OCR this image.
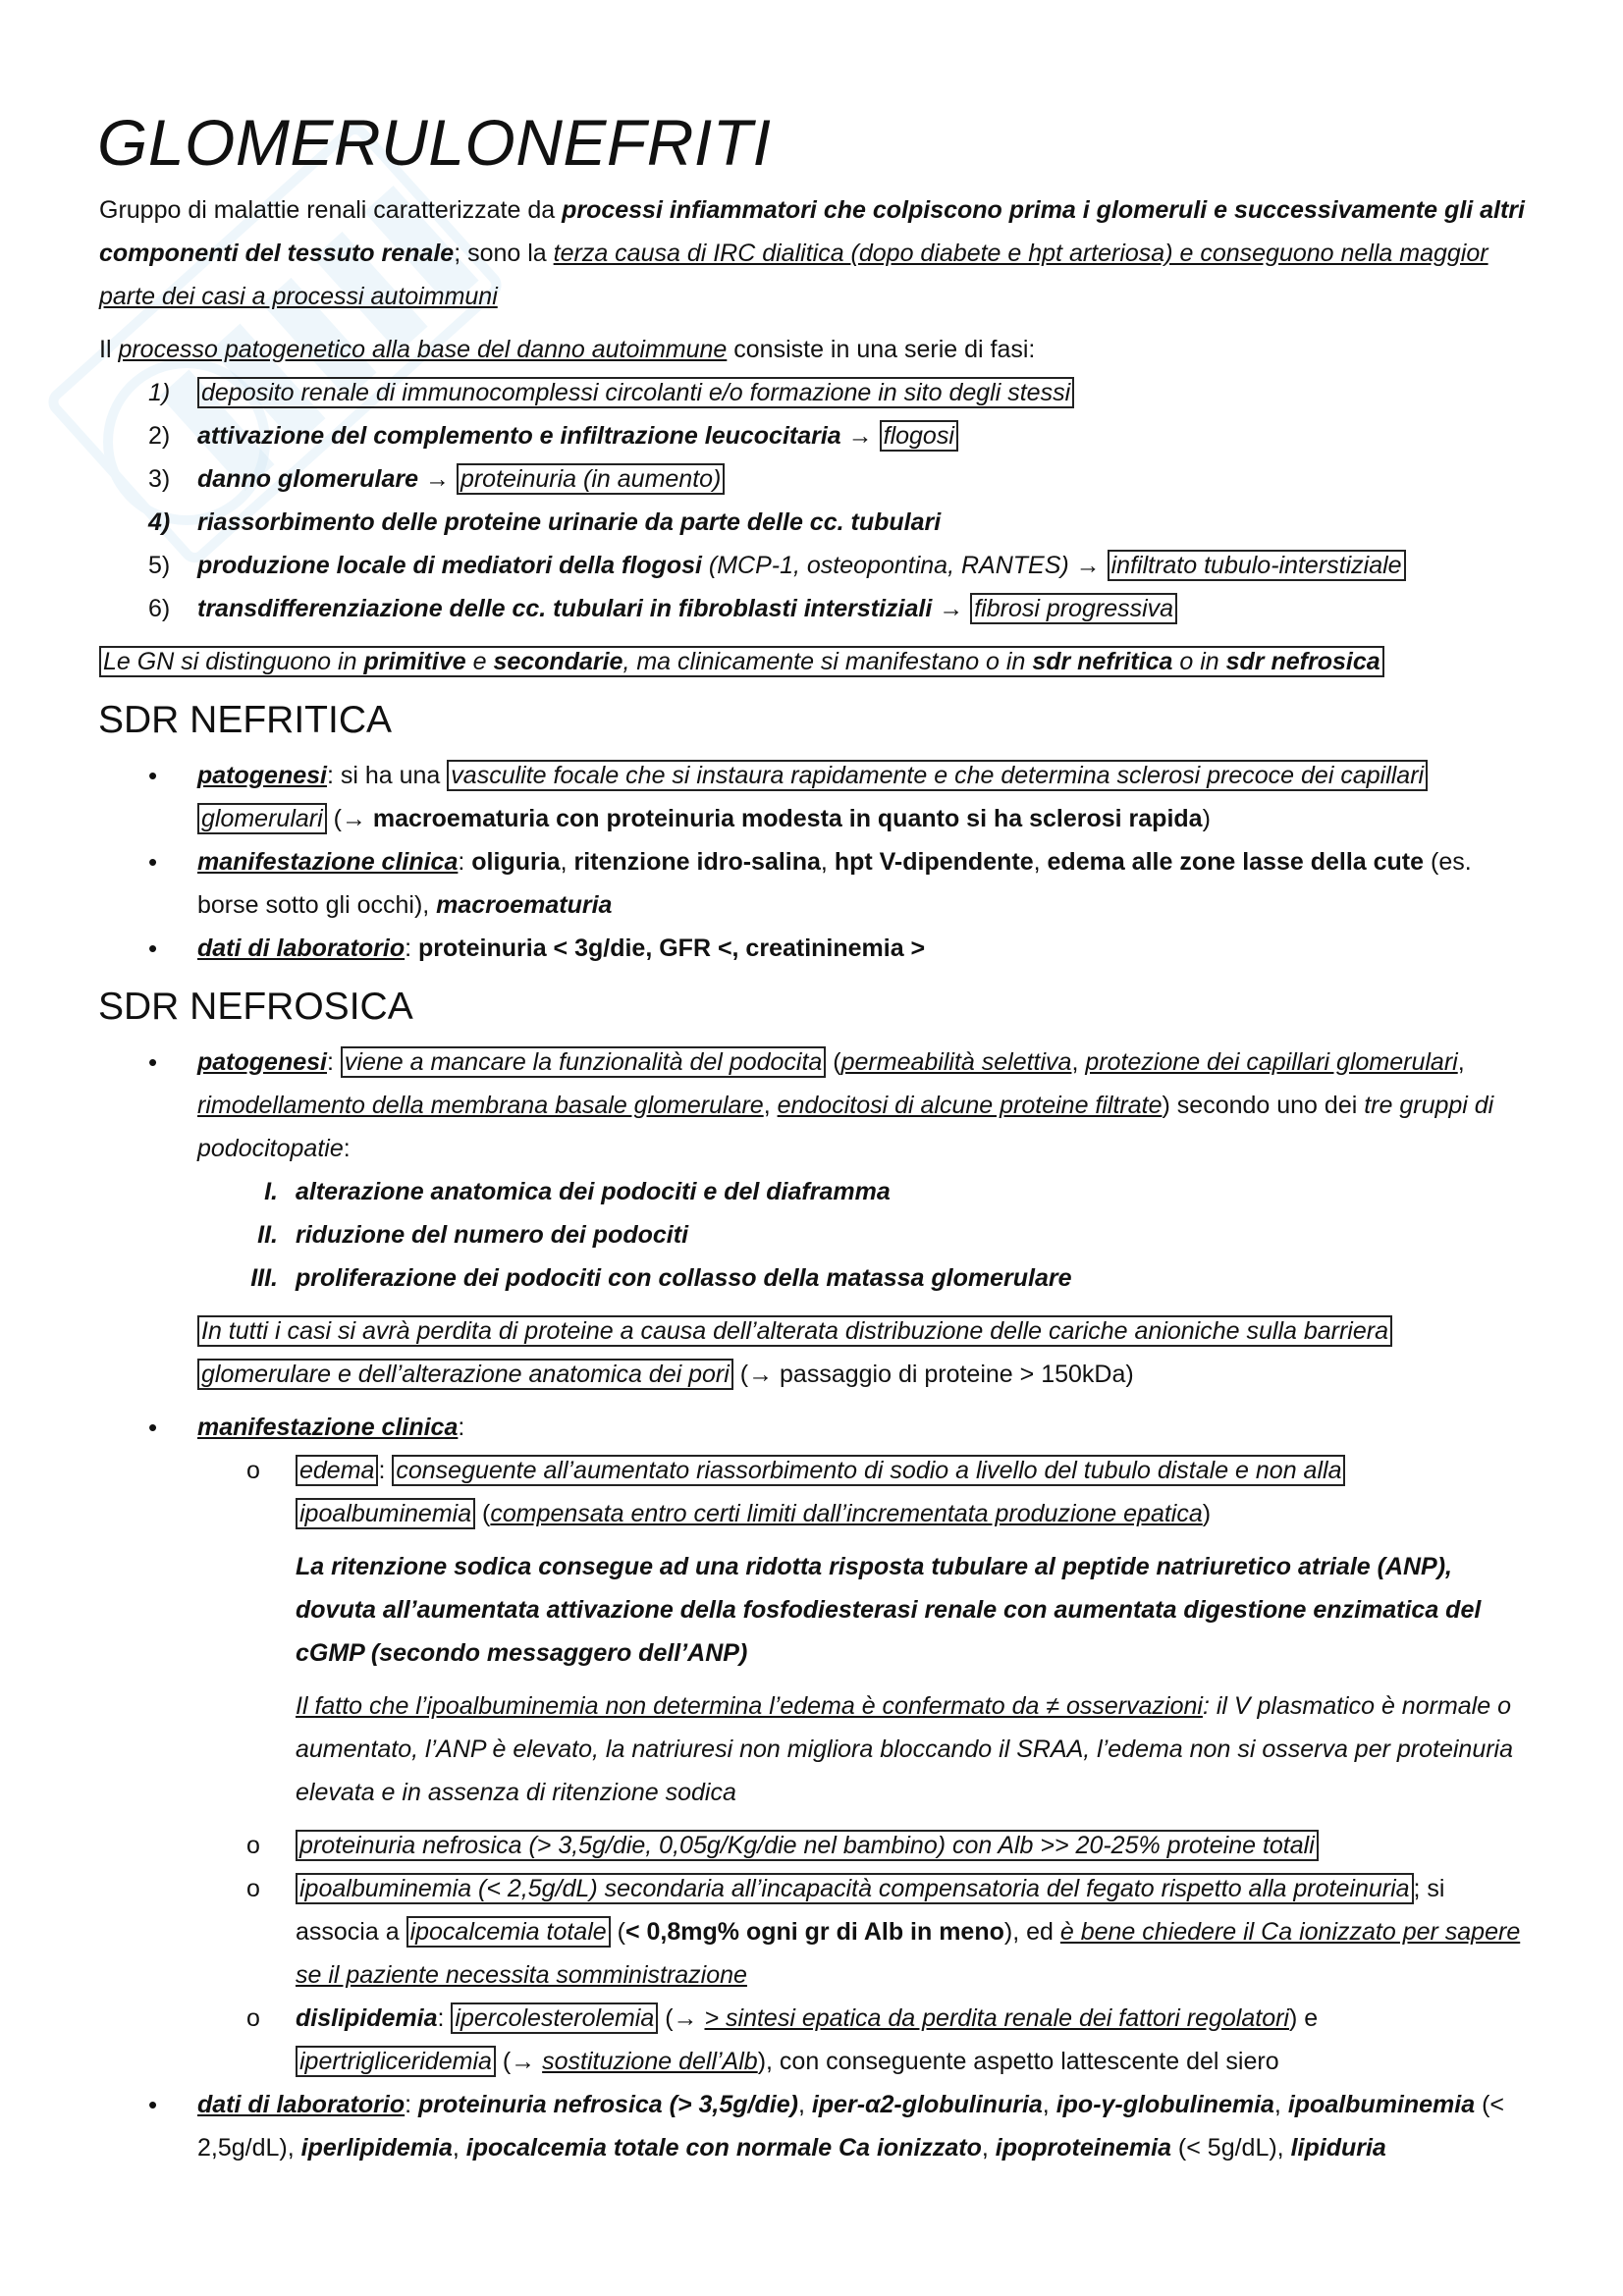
GLOMERULONEFRITI

Gruppo di malattie renali caratterizzate da processi infiammatori che colpiscono prima i glomeruli e successivamente gli altri componenti del tessuto renale; sono la terza causa di IRC dialitica (dopo diabete e hpt arteriosa) e conseguono nella maggior parte dei casi a processi autoimmuni

Il processo patogenetico alla base del danno autoimmune consiste in una serie di fasi:

1) deposito renale di immunocomplessi circolanti e/o formazione in sito degli stessi
2) attivazione del complemento e infiltrazione leucocitaria → flogosi
3) danno glomerulare → proteinuria (in aumento)
4) riassorbimento delle proteine urinarie da parte delle cc. tubulari
5) produzione locale di mediatori della flogosi (MCP-1, osteopontina, RANTES) → infiltrato tubulo-interstiziale
6) transdifferenziazione delle cc. tubulari in fibroblasti interstiziali → fibrosi progressiva

Le GN si distinguono in primitive e secondarie, ma clinicamente si manifestano o in sdr nefritica o in sdr nefrosica

SDR NEFRITICA
• patogenesi: si ha una vasculite focale che si instaura rapidamente e che determina sclerosi precoce dei capillari
glomerulari (→ macroematuria con proteinuria modesta in quanto si ha sclerosi rapida)
• manifestazione clinica: oliguria, ritenzione idro-salina, hpt V-dipendente, edema alle zone lasse della cute (es. borse sotto gli occhi), macroematuria
• dati di laboratorio: proteinuria < 3g/die, GFR <, creatininemia >
SDR NEFROSICA
• patogenesi: viene a mancare la funzionalità del podocita (permeabilità selettiva, protezione dei capillari glomerulari, rimodellamento della membrana basale glomerulare, endocitosi di alcune proteine filtrate) secondo uno dei tre gruppi di podocitopatie:
I. alterazione anatomica dei podociti e del diaframma
II. riduzione del numero dei podociti
III. proliferazione dei podociti con collasso della matassa glomerulare
In tutti i casi si avrà perdita di proteine a causa dell’alterata distribuzione delle cariche anioniche sulla barriera
glomerulare e dell’alterazione anatomica dei pori (→ passaggio di proteine > 150kDa)
• manifestazione clinica:
o edema : conseguente all’aumentato riassorbimento di sodio a livello del tubulo distale e non alla
ipoalbuminemia (compensata entro certi limiti dall’incrementata produzione epatica)

La ritenzione sodica consegue ad una ridotta risposta tubulare al peptide natriuretico atriale (ANP), dovuta all’aumentata attivazione della fosfodiesterasi renale con aumentata digestione enzimatica del cGMP (secondo messaggero dell’ANP)

Il fatto che l’ipoalbuminemia non determina l’edema è confermato da ≠ osservazioni: il V plasmatico è normale o aumentato, l’ANP è elevato, la natriuresi non migliora bloccando il SRAA, l’edema non si osserva per proteinuria elevata e in assenza di ritenzione sodica

o proteinuria nefrosica (> 3,5g/die, 0,05g/Kg/die nel bambino) con Alb >> 20-25% proteine totali
o ipoalbuminemia (< 2,5g/dL) secondaria all’incapacità compensatoria del fegato rispetto alla proteinuria ; si associa a ipocalcemia totale (< 0,8mg% ogni gr di Alb in meno), ed è bene chiedere il Ca ionizzato per sapere se il paziente necessita somministrazione
o dislipidemia: ipercolesterolemia (→ > sintesi epatica da perdita renale dei fattori regolatori) e
ipertrigliceridemia (→ sostituzione dell’Alb), con conseguente aspetto lattescente del siero
• dati di laboratorio: proteinuria nefrosica (> 3,5g/die), iper-α2-globulinuria, ipo-γ-globulinemia, ipoalbuminemia (< 2,5g/dL), iperlipidemia, ipocalcemia totale con normale Ca ionizzato, ipoproteinemia (< 5g/dL), lipiduria
